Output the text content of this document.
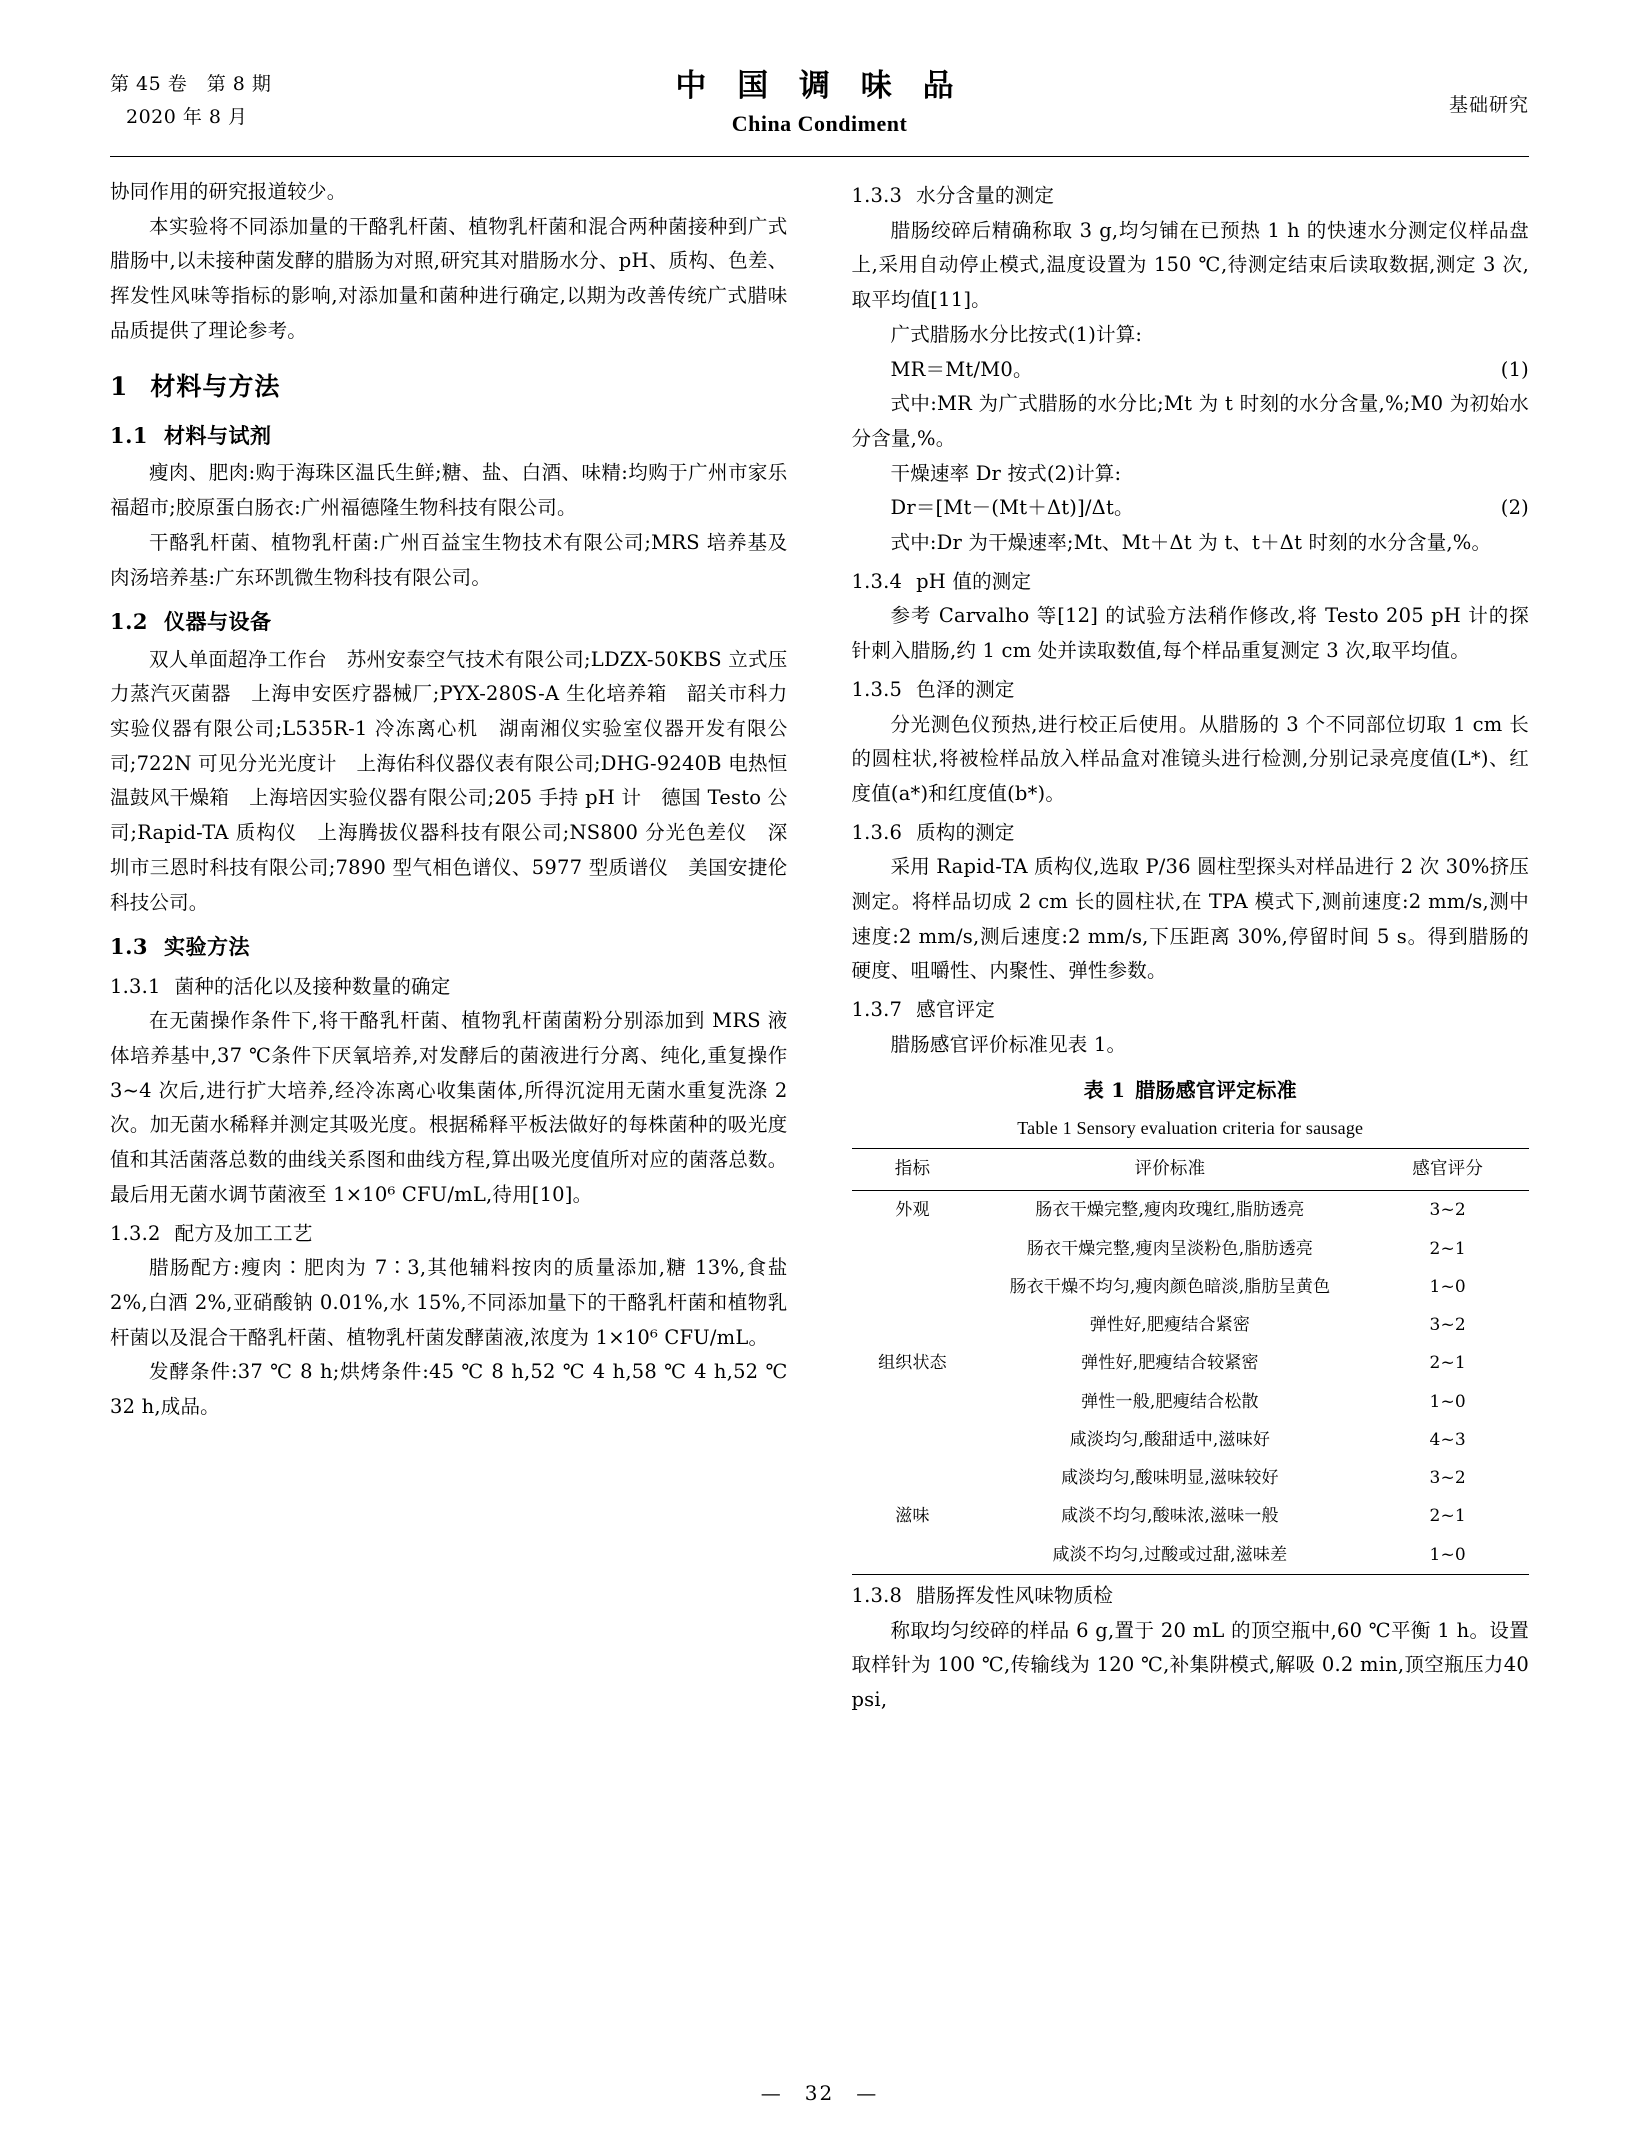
第 45 卷　第 8 期
2020 年 8 月
中 国 调 味 品
China Condiment
基础研究

协同作用的研究报道较少。

本实验将不同添加量的干酪乳杆菌、植物乳杆菌和混合两种菌接种到广式腊肠中,以未接种菌发酵的腊肠为对照,研究其对腊肠水分、pH、质构、色差、挥发性风味等指标的影响,对添加量和菌种进行确定,以期为改善传统广式腊味品质提供了理论参考。

1 材料与方法
1.1 材料与试剂

瘦肉、肥肉:购于海珠区温氏生鲜;糖、盐、白酒、味精:均购于广州市家乐福超市;胶原蛋白肠衣:广州福德隆生物科技有限公司。

干酪乳杆菌、植物乳杆菌:广州百益宝生物技术有限公司;MRS 培养基及肉汤培养基:广东环凯微生物科技有限公司。

1.2 仪器与设备

双人单面超净工作台　苏州安泰空气技术有限公司;LDZX-50KBS 立式压力蒸汽灭菌器　上海申安医疗器械厂;PYX-280S-A 生化培养箱　韶关市科力实验仪器有限公司;L535R-1 冷冻离心机　湖南湘仪实验室仪器开发有限公司;722N 可见分光光度计　上海佑科仪器仪表有限公司;DHG-9240B 电热恒温鼓风干燥箱　上海培因实验仪器有限公司;205 手持 pH 计　德国 Testo 公司;Rapid-TA 质构仪　上海腾拔仪器科技有限公司;NS800 分光色差仪　深圳市三恩时科技有限公司;7890 型气相色谱仪、5977 型质谱仪　美国安捷伦科技公司。

1.3 实验方法
1.3.1 菌种的活化以及接种数量的确定

在无菌操作条件下,将干酪乳杆菌、植物乳杆菌菌粉分别添加到 MRS 液体培养基中,37 ℃条件下厌氧培养,对发酵后的菌液进行分离、纯化,重复操作 3~4 次后,进行扩大培养,经冷冻离心收集菌体,所得沉淀用无菌水重复洗涤 2 次。加无菌水稀释并测定其吸光度。根据稀释平板法做好的每株菌种的吸光度值和其活菌落总数的曲线关系图和曲线方程,算出吸光度值所对应的菌落总数。最后用无菌水调节菌液至 1×10⁶ CFU/mL,待用[10]。

1.3.2 配方及加工工艺

腊肠配方:瘦肉∶肥肉为 7∶3,其他辅料按肉的质量添加,糖 13%,食盐 2%,白酒 2%,亚硝酸钠 0.01%,水 15%,不同添加量下的干酪乳杆菌和植物乳杆菌以及混合干酪乳杆菌、植物乳杆菌发酵菌液,浓度为 1×10⁶ CFU/mL。

发酵条件:37 ℃ 8 h;烘烤条件:45 ℃ 8 h,52 ℃ 4 h,58 ℃ 4 h,52 ℃ 32 h,成品。

1.3.3 水分含量的测定

腊肠绞碎后精确称取 3 g,均匀铺在已预热 1 h 的快速水分测定仪样品盘上,采用自动停止模式,温度设置为 150 ℃,待测定结束后读取数据,测定 3 次,取平均值[11]。

广式腊肠水分比按式(1)计算:

MR＝Mt/M0。	(1)

式中:MR 为广式腊肠的水分比;Mt 为 t 时刻的水分含量,%;M0 为初始水分含量,%。

干燥速率 Dr 按式(2)计算:

Dr＝[Mt－(Mt＋Δt)]/Δt。	(2)

式中:Dr 为干燥速率;Mt、Mt＋Δt 为 t、t＋Δt 时刻的水分含量,%。

1.3.4 pH 值的测定

参考 Carvalho 等[12] 的试验方法稍作修改,将 Testo 205 pH 计的探针刺入腊肠,约 1 cm 处并读取数值,每个样品重复测定 3 次,取平均值。

1.3.5 色泽的测定

分光测色仪预热,进行校正后使用。从腊肠的 3 个不同部位切取 1 cm 长的圆柱状,将被检样品放入样品盒对准镜头进行检测,分别记录亮度值(L*)、红度值(a*)和红度值(b*)。

1.3.6 质构的测定

采用 Rapid-TA 质构仪,选取 P/36 圆柱型探头对样品进行 2 次 30%挤压测定。将样品切成 2 cm 长的圆柱状,在 TPA 模式下,测前速度:2 mm/s,测中速度:2 mm/s,测后速度:2 mm/s,下压距离 30%,停留时间 5 s。得到腊肠的硬度、咀嚼性、内聚性、弹性参数。

1.3.7 感官评定

腊肠感官评价标准见表 1。

表 1 腊肠感官评定标准
Table 1 Sensory evaluation criteria for sausage
指标	评价标准	感官评分
外观	肠衣干燥完整,瘦肉玫瑰红,脂肪透亮	3~2
	肠衣干燥完整,瘦肉呈淡粉色,脂肪透亮	2~1
	肠衣干燥不均匀,瘦肉颜色暗淡,脂肪呈黄色	1~0
	弹性好,肥瘦结合紧密	3~2
组织状态	弹性好,肥瘦结合较紧密	2~1
	弹性一般,肥瘦结合松散	1~0
	咸淡均匀,酸甜适中,滋味好	4~3
	咸淡均匀,酸味明显,滋味较好	3~2
滋味	咸淡不均匀,酸味浓,滋味一般	2~1
	咸淡不均匀,过酸或过甜,滋味差	1~0
1.3.8 腊肠挥发性风味物质检

称取均匀绞碎的样品 6 g,置于 20 mL 的顶空瓶中,60 ℃平衡 1 h。设置取样针为 100 ℃,传输线为 120 ℃,补集阱模式,解吸 0.2 min,顶空瓶压力40 psi,

—　32　—
